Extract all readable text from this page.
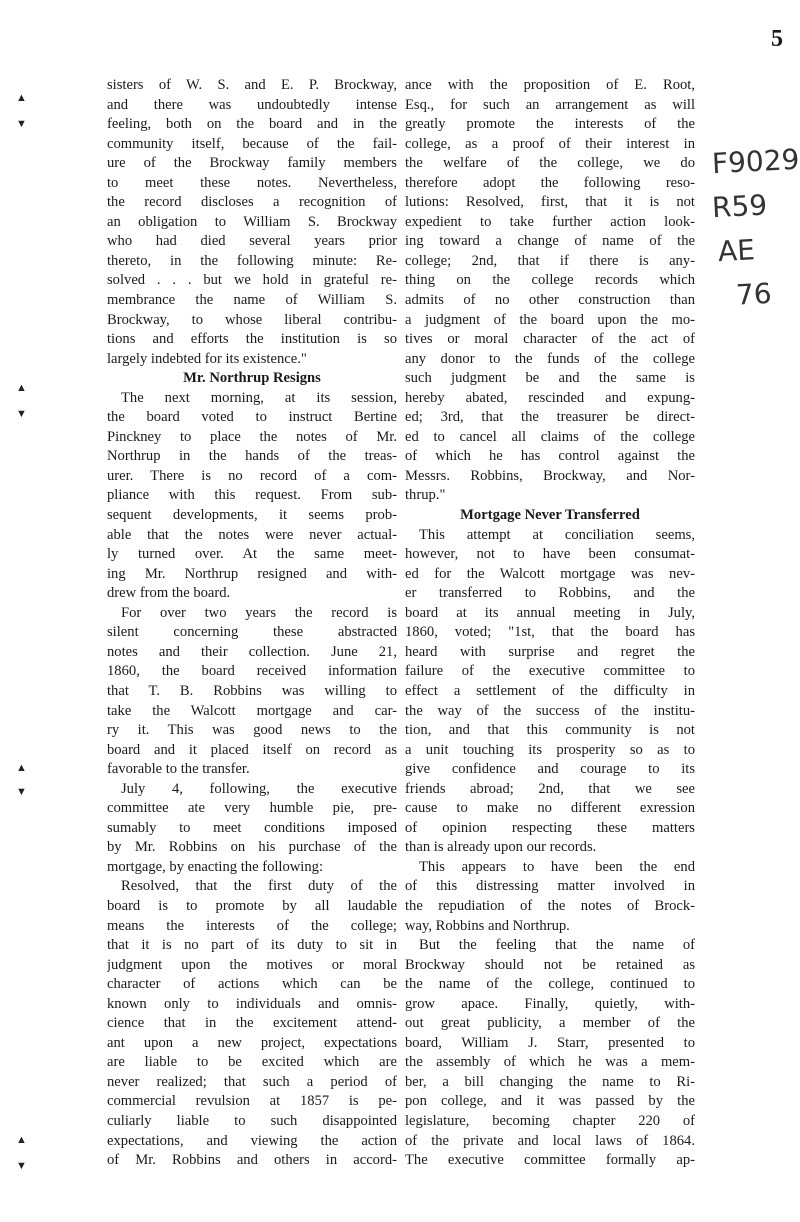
5
F9029
R59
AE
76
▲
▼
▲
▼
▲
▼
▲
▼
sisters of W. S. and E. P. Brockway,
and there was undoubtedly intense
feeling, both on the board and in the
community itself, because of the fail-
ure of the Brockway family members
to meet these notes. Nevertheless,
the record discloses a recognition of
an obligation to William S. Brockway
who had died several years prior
thereto, in the following minute: Re-
solved . . . but we hold in grateful re-
membrance the name of William S.
Brockway, to whose liberal contribu-
tions and efforts the institution is so
largely indebted for its existence."
Mr. Northrup Resigns
The next morning, at its session,
the board voted to instruct Bertine
Pinckney to place the notes of Mr.
Northrup in the hands of the treas-
urer. There is no record of a com-
pliance with this request. From sub-
sequent developments, it seems prob-
able that the notes were never actual-
ly turned over. At the same meet-
ing Mr. Northrup resigned and with-
drew from the board.
For over two years the record is
silent concerning these abstracted
notes and their collection. June 21,
1860, the board received information
that T. B. Robbins was willing to
take the Walcott mortgage and car-
ry it. This was good news to the
board and it placed itself on record as
favorable to the transfer.
July 4, following, the executive
committee ate very humble pie, pre-
sumably to meet conditions imposed
by Mr. Robbins on his purchase of the
mortgage, by enacting the following:
Resolved, that the first duty of the
board is to promote by all laudable
means the interests of the college;
that it is no part of its duty to sit in
judgment upon the motives or moral
character of actions which can be
known only to individuals and omnis-
cience that in the excitement attend-
ant upon a new project, expectations
are liable to be excited which are
never realized; that such a period of
commercial revulsion at 1857 is pe-
culiarly liable to such disappointed
expectations, and viewing the action
of Mr. Robbins and others in accord-
ance with the proposition of E. Root,
Esq., for such an arrangement as will
greatly promote the interests of the
college, as a proof of their interest in
the welfare of the college, we do
therefore adopt the following reso-
lutions: Resolved, first, that it is not
expedient to take further action look-
ing toward a change of name of the
college; 2nd, that if there is any-
thing on the college records which
admits of no other construction than
a judgment of the board upon the mo-
tives or moral character of the act of
any donor to the funds of the college
such judgment be and the same is
hereby abated, rescinded and expung-
ed; 3rd, that the treasurer be direct-
ed to cancel all claims of the college
of which he has control against the
Messrs. Robbins, Brockway, and Nor-
thrup."
Mortgage Never Transferred
This attempt at conciliation seems,
however, not to have been consumat-
ed for the Walcott mortgage was nev-
er transferred to Robbins, and the
board at its annual meeting in July,
1860, voted; "1st, that the board has
heard with surprise and regret the
failure of the executive committee to
effect a settlement of the difficulty in
the way of the success of the institu-
tion, and that this community is not
a unit touching its prosperity so as to
give confidence and courage to its
friends abroad; 2nd, that we see
cause to make no different exression
of opinion respecting these matters
than is already upon our records.
This appears to have been the end
of this distressing matter involved in
the repudiation of the notes of Brock-
way, Robbins and Northrup.
But the feeling that the name of
Brockway should not be retained as
the name of the college, continued to
grow apace. Finally, quietly, with-
out great publicity, a member of the
board, William J. Starr, presented to
the assembly of which he was a mem-
ber, a bill changing the name to Ri-
pon college, and it was passed by the
legislature, becoming chapter 220 of
of the private and local laws of 1864.
The executive committee formally ap-
